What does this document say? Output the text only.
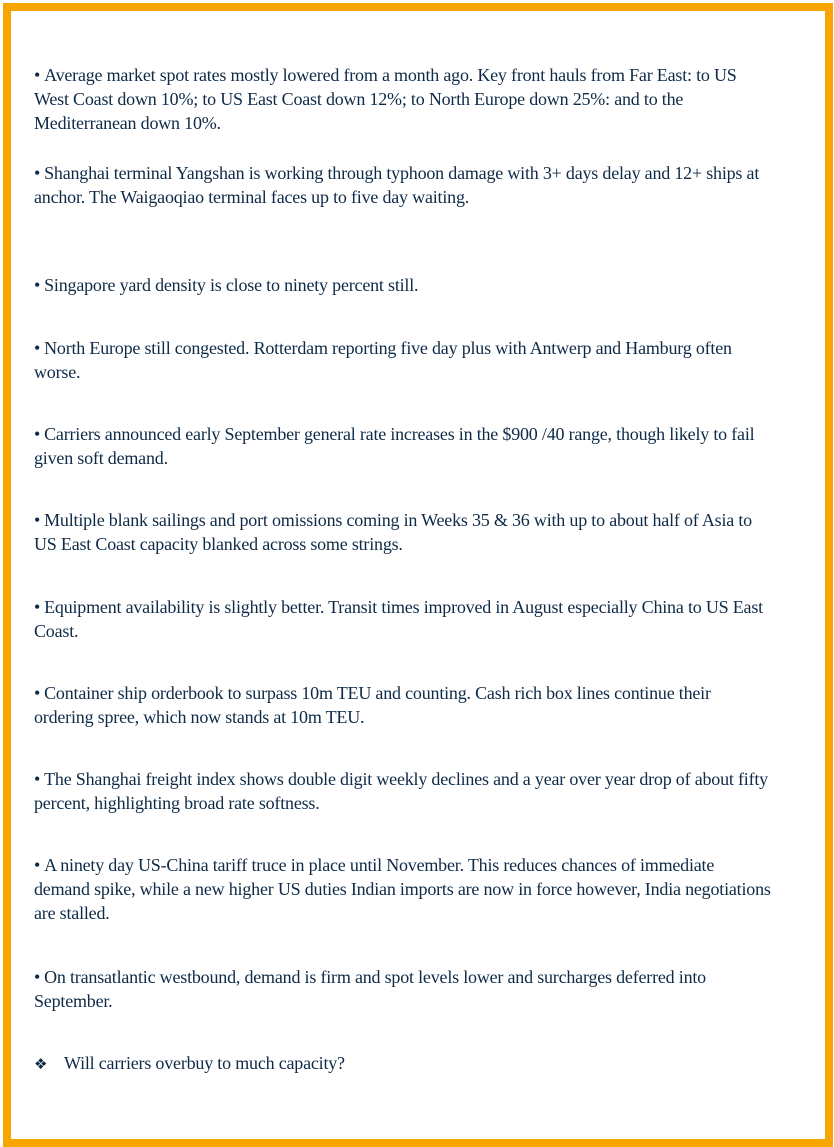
• Average market spot rates mostly lowered from a month ago. Key front hauls from Far East: to US West Coast down 10%; to US East Coast down 12%; to North Europe down 25%: and to the Mediterranean down 10%.

• Shanghai terminal Yangshan is working through typhoon damage with 3+ days delay and 12+ ships at anchor. The Waigaoqiao terminal faces up to five day waiting.

• Singapore yard density is close to ninety percent still.

• North Europe still congested. Rotterdam reporting five day plus with Antwerp and Hamburg often worse.

• Carriers announced early September general rate increases in the $900 /40 range, though likely to fail given soft demand.

• Multiple blank sailings and port omissions coming in Weeks 35 & 36 with up to about half of Asia to US East Coast capacity blanked across some strings.

• Equipment availability is slightly better. Transit times improved in August especially China to US East Coast.

• Container ship orderbook to surpass 10m TEU and counting. Cash rich box lines continue their ordering spree, which now stands at 10m TEU.

• The Shanghai freight index shows double digit weekly declines and a year over year drop of about fifty percent, highlighting broad rate softness.

• A ninety day US-China tariff truce in place until November. This reduces chances of immediate demand spike, while a new higher US duties Indian imports are now in force however, India negotiations are stalled.

• On transatlantic westbound, demand is firm and spot levels lower and surcharges deferred into September.

❖ Will carriers overbuy to much capacity?
